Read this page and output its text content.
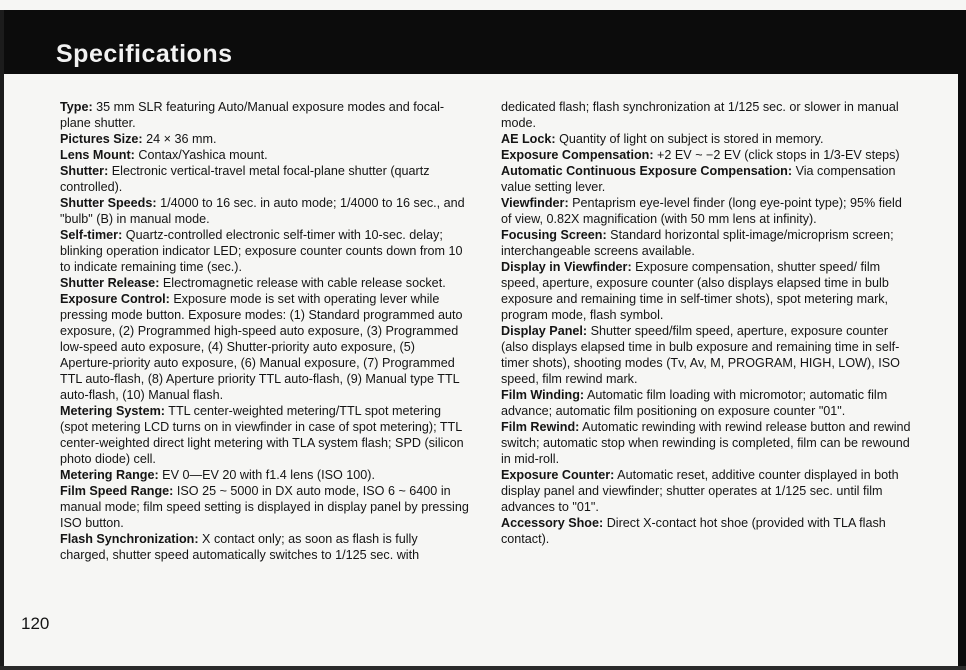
Specifications

Type: 35 mm SLR featuring Auto/Manual exposure modes and focal-plane shutter.

Pictures Size: 24 × 36 mm.

Lens Mount: Contax/Yashica mount.

Shutter: Electronic vertical-travel metal focal-plane shutter (quartz controlled).

Shutter Speeds: 1/4000 to 16 sec. in auto mode; 1/4000 to 16 sec., and "bulb" (B) in manual mode.

Self-timer: Quartz-controlled electronic self-timer with 10-sec. delay; blinking operation indicator LED; exposure counter counts down from 10 to indicate remaining time (sec.).

Shutter Release: Electromagnetic release with cable release socket.

Exposure Control: Exposure mode is set with operating lever while pressing mode button. Exposure modes: (1) Standard programmed auto exposure, (2) Programmed high-speed auto exposure, (3) Programmed low-speed auto exposure, (4) Shutter-priority auto exposure, (5) Aperture-priority auto exposure, (6) Manual exposure, (7) Programmed TTL auto-flash, (8) Aperture priority TTL auto-flash, (9) Manual type TTL auto-flash, (10) Manual flash.

Metering System: TTL center-weighted metering/TTL spot metering (spot metering LCD turns on in viewfinder in case of spot metering); TTL center-weighted direct light metering with TLA system flash; SPD (silicon photo diode) cell.

Metering Range: EV 0—EV 20 with f1.4 lens (ISO 100).

Film Speed Range: ISO 25 ~ 5000 in DX auto mode, ISO 6 ~ 6400 in manual mode; film speed setting is displayed in display panel by pressing ISO button.

Flash Synchronization: X contact only; as soon as flash is fully charged, shutter speed automatically switches to 1/125 sec. with

dedicated flash; flash synchronization at 1/125 sec. or slower in manual mode.

AE Lock: Quantity of light on subject is stored in memory.

Exposure Compensation: +2 EV ~ −2 EV (click stops in 1/3-EV steps)

Automatic Continuous Exposure Compensation: Via compensation value setting lever.

Viewfinder: Pentaprism eye-level finder (long eye-point type); 95% field of view, 0.82X magnification (with 50 mm lens at infinity).

Focusing Screen: Standard horizontal split-image/microprism screen; interchangeable screens available.

Display in Viewfinder: Exposure compensation, shutter speed/ film speed, aperture, exposure counter (also displays elapsed time in bulb exposure and remaining time in self-timer shots), spot metering mark, program mode, flash symbol.

Display Panel: Shutter speed/film speed, aperture, exposure counter (also displays elapsed time in bulb exposure and remaining time in self-timer shots), shooting modes (Tv, Av, M, PROGRAM, HIGH, LOW), ISO speed, film rewind mark.

Film Winding: Automatic film loading with micromotor; automatic film advance; automatic film positioning on exposure counter "01".

Film Rewind: Automatic rewinding with rewind release button and rewind switch; automatic stop when rewinding is completed, film can be rewound in mid-roll.

Exposure Counter: Automatic reset, additive counter displayed in both display panel and viewfinder; shutter operates at 1/125 sec. until film advances to "01".

Accessory Shoe: Direct X-contact hot shoe (provided with TLA flash contact).

120
